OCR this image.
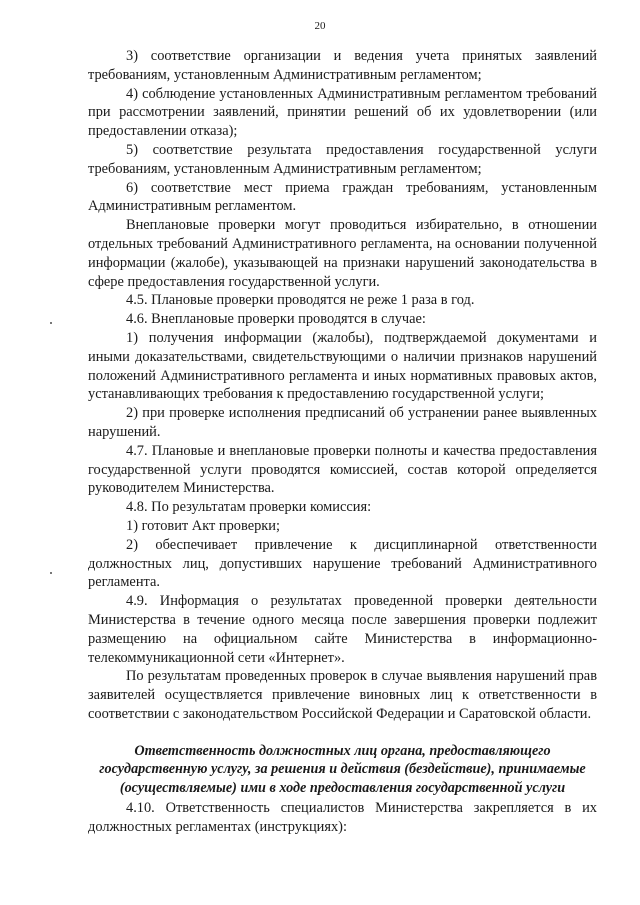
20

3) соответствие организации и ведения учета принятых заявлений требованиям, установленным Административным регламентом;

4) соблюдение установленных Административным регламентом требований при рассмотрении заявлений, принятии решений об их удовлетворении (или предоставлении отказа);

5) соответствие результата предоставления государственной услуги требованиям, установленным Административным регламентом;

6) соответствие мест приема граждан требованиям, установленным Административным регламентом.

Внеплановые проверки могут проводиться избирательно, в отношении отдельных требований Административного регламента, на основании полученной информации (жалобе), указывающей на признаки нарушений законодательства в сфере предоставления государственной услуги.

4.5. Плановые проверки проводятся не реже 1 раза в год.

4.6. Внеплановые проверки проводятся в случае:

1) получения информации (жалобы), подтверждаемой документами и иными доказательствами, свидетельствующими о наличии признаков нарушений положений Административного регламента и иных нормативных правовых актов, устанавливающих требования к предоставлению государственной услуги;

2) при проверке исполнения предписаний об устранении ранее выявленных нарушений.

4.7. Плановые и внеплановые проверки полноты и качества предоставления государственной услуги проводятся комиссией, состав которой определяется руководителем Министерства.

4.8. По результатам проверки комиссия:

1) готовит Акт проверки;

2) обеспечивает привлечение к дисциплинарной ответственности должностных лиц, допустивших нарушение требований Административного регламента.

4.9. Информация о результатах проведенной проверки деятельности Министерства в течение одного месяца после завершения проверки подлежит размещению на официальном сайте Министерства в информационно-телекоммуникационной сети «Интернет».

По результатам проведенных проверок в случае выявления нарушений прав заявителей осуществляется привлечение виновных лиц к ответственности в соответствии с законодательством Российской Федерации и Саратовской области.

Ответственность должностных лиц органа, предоставляющего государственную услугу, за решения и действия (бездействие), принимаемые (осуществляемые) ими в ходе предоставления государственной услуги

4.10. Ответственность специалистов Министерства закрепляется в их должностных регламентах (инструкциях):
